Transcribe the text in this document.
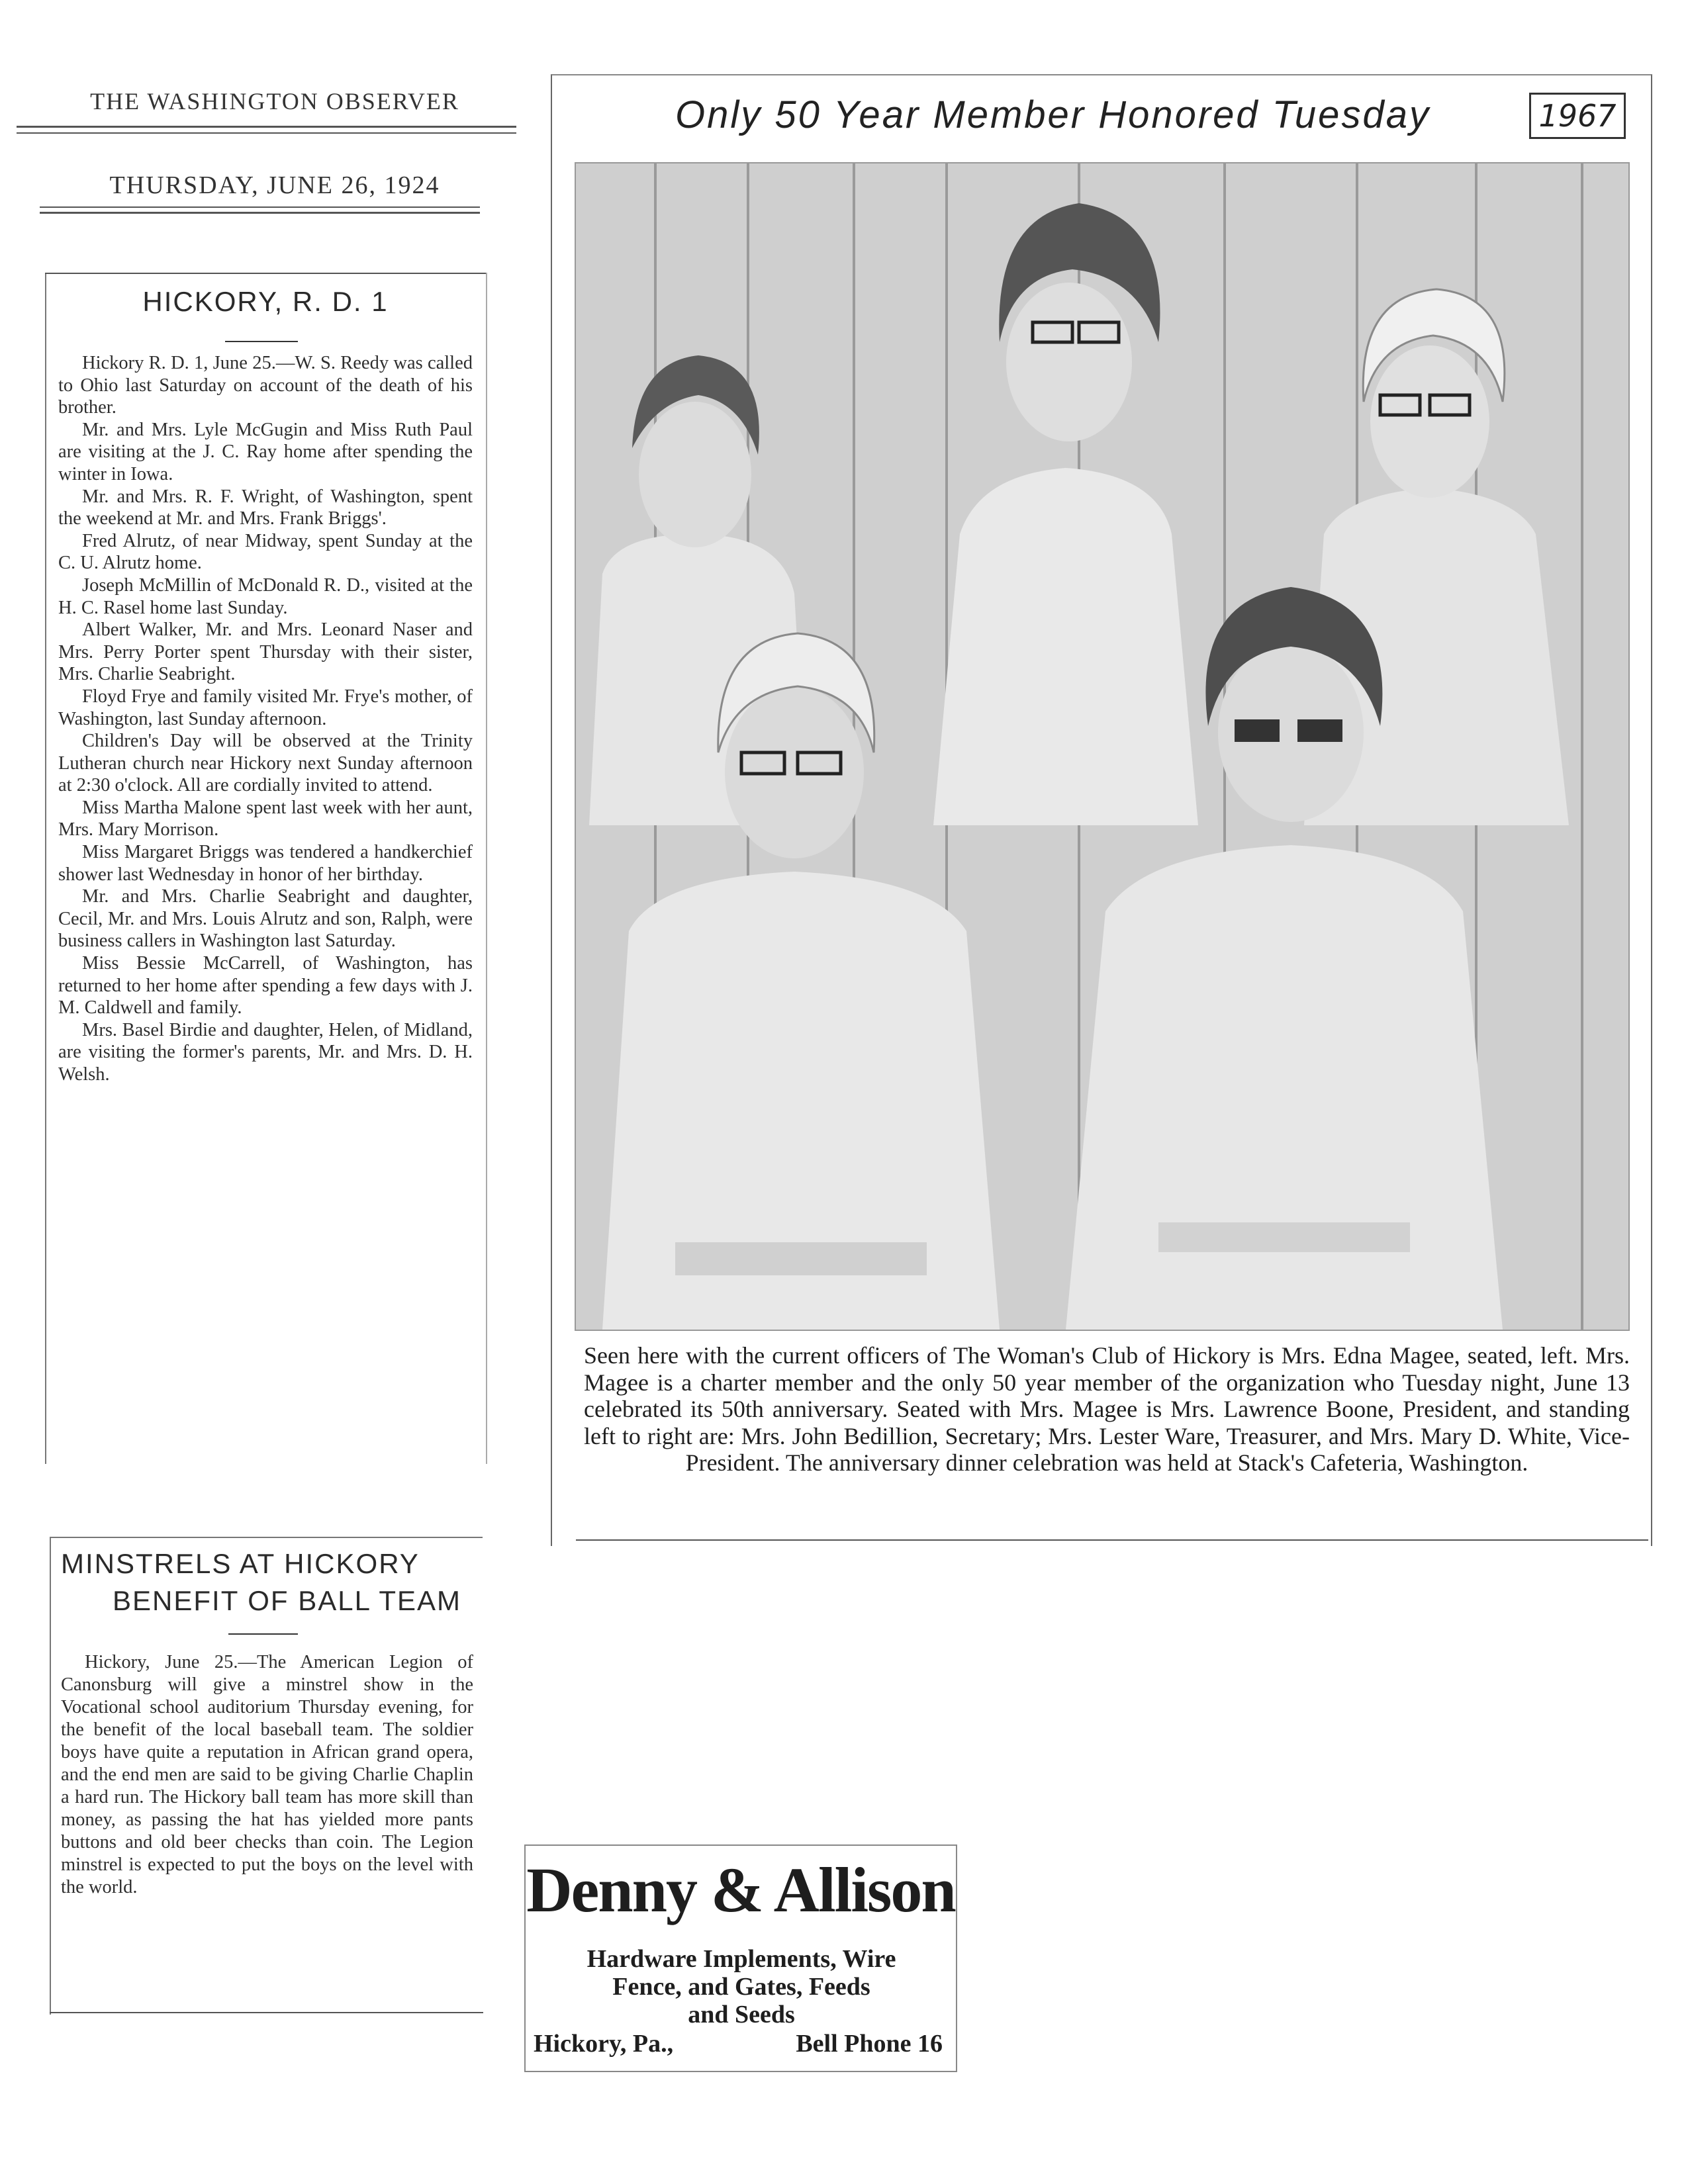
THE WASHINGTON OBSERVER
THURSDAY, JUNE 26, 1924
HICKORY, R. D. 1

Hickory R. D. 1, June 25.—W. S. Reedy was called to Ohio last Saturday on account of the death of his brother.

Mr. and Mrs. Lyle McGugin and Miss Ruth Paul are visiting at the J. C. Ray home after spending the winter in Iowa.

Mr. and Mrs. R. F. Wright, of Washington, spent the weekend at Mr. and Mrs. Frank Briggs'.

Fred Alrutz, of near Midway, spent Sunday at the C. U. Alrutz home.

Joseph McMillin of McDonald R. D., visited at the H. C. Rasel home last Sunday.

Albert Walker, Mr. and Mrs. Leonard Naser and Mrs. Perry Porter spent Thursday with their sister, Mrs. Charlie Seabright.

Floyd Frye and family visited Mr. Frye's mother, of Washington, last Sunday afternoon.

Children's Day will be observed at the Trinity Lutheran church near Hickory next Sunday afternoon at 2:30 o'clock. All are cordially invited to attend.

Miss Martha Malone spent last week with her aunt, Mrs. Mary Morrison.

Miss Margaret Briggs was tendered a handkerchief shower last Wednesday in honor of her birthday.

Mr. and Mrs. Charlie Seabright and daughter, Cecil, Mr. and Mrs. Louis Alrutz and son, Ralph, were business callers in Washington last Saturday.

Miss Bessie McCarrell, of Washington, has returned to her home after spending a few days with J. M. Caldwell and family.

Mrs. Basel Birdie and daughter, Helen, of Midland, are visiting the former's parents, Mr. and Mrs. D. H. Welsh.

MINSTRELS AT HICKORY
BENEFIT OF BALL TEAM

Hickory, June 25.—The American Legion of Canonsburg will give a minstrel show in the Vocational school auditorium Thursday evening, for the benefit of the local baseball team. The soldier boys have quite a reputation in African grand opera, and the end men are said to be giving Charlie Chaplin a hard run. The Hickory ball team has more skill than money, as passing the hat has yielded more pants buttons and old beer checks than coin. The Legion minstrel is expected to put the boys on the level with the world.

Only 50 Year Member Honored Tuesday	1967
Seen here with the current officers of The Woman's Club of Hickory is Mrs. Edna Magee, seated, left. Mrs. Magee is a charter member and the only 50 year member of the organization who Tuesday night, June 13 celebrated its 50th anniversary. Seated with Mrs. Magee is Mrs. Lawrence Boone, President, and standing left to right are: Mrs. John Bedillion, Secretary; Mrs. Lester Ware, Treasurer, and Mrs. Mary D. White, Vice-President. The anniversary dinner celebration was held at Stack's Cafeteria, Washington.
Denny & Allison
Hardware Implements, Wire
Fence, and Gates, Feeds
and Seeds
Hickory, Pa.,	Bell Phone 16
